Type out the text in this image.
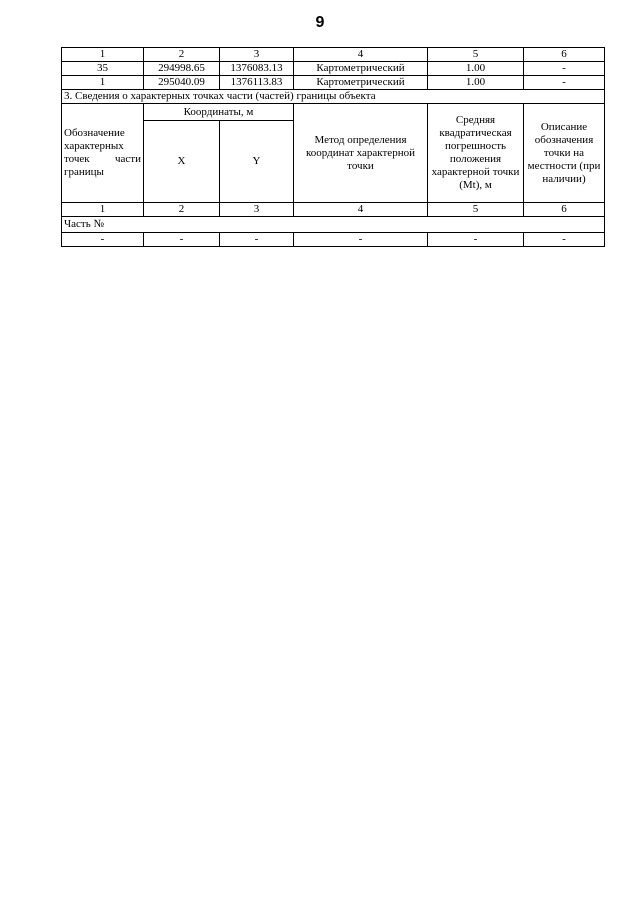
9
1	2	3	4	5	6
35	294998.65	1376083.13	Картометрический	1.00	-
1	295040.09	1376113.83	Картометрический	1.00	-
3. Сведения о характерных точках части (частей) границы объекта					
Обозначение характерных точек части границы	Координаты, м		Метод определения координат характерной точки	Средняя квадратическая погрешность положения характерной точки (Mt), м	Описание обозначения точки на местности (при наличии)
	X	Y			
1	2	3	4	5	6
Часть №					
-	-	-	-	-	-
